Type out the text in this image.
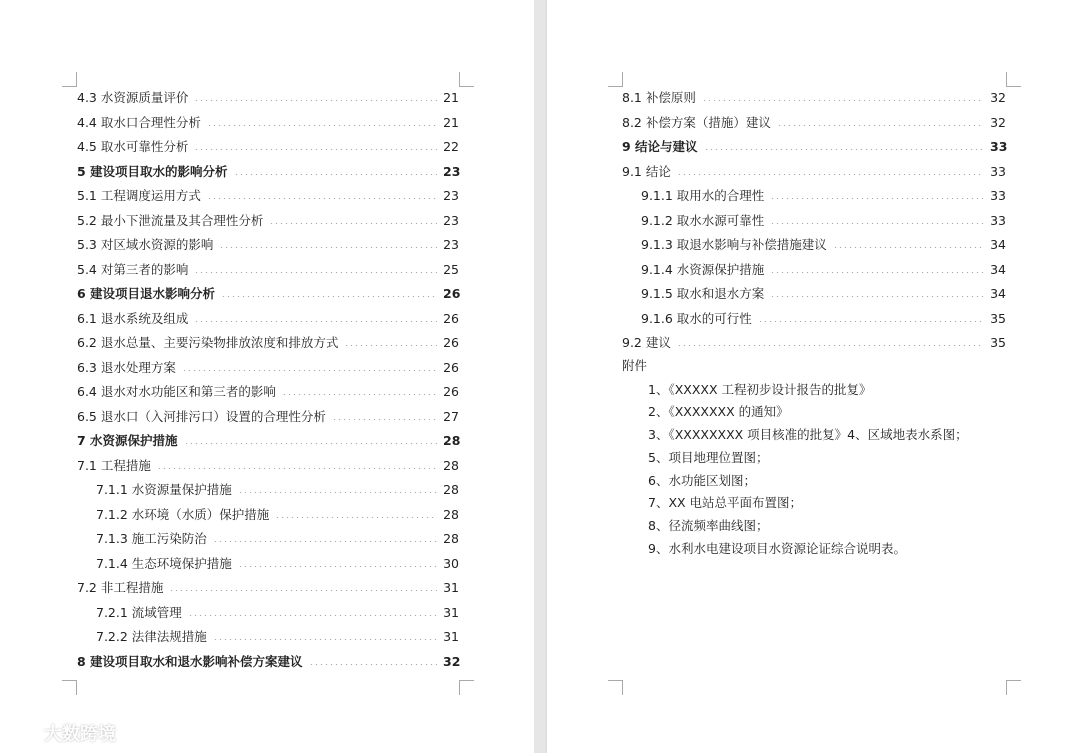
4.3 水资源质量评价	21
4.4 取水口合理性分析	21
4.5 取水可靠性分析	22
5 建设项目取水的影响分析	23
5.1 工程调度运用方式	23
5.2 最小下泄流量及其合理性分析	23
5.3 对区域水资源的影响	23
5.4 对第三者的影响	25
6 建设项目退水影响分析	26
6.1 退水系统及组成	26
6.2 退水总量、主要污染物排放浓度和排放方式	26
6.3 退水处理方案	26
6.4 退水对水功能区和第三者的影响	26
6.5 退水口（入河排污口）设置的合理性分析	27
7 水资源保护措施	28
7.1 工程措施	28
7.1.1 水资源量保护措施	28
7.1.2 水环境（水质）保护措施	28
7.1.3 施工污染防治	28
7.1.4 生态环境保护措施	30
7.2 非工程措施	31
7.2.1 流域管理	31
7.2.2 法律法规措施	31
8 建设项目取水和退水影响补偿方案建议	32
8.1 补偿原则	32
8.2 补偿方案（措施）建议	32
9 结论与建议	33
9.1 结论	33
9.1.1 取用水的合理性	33
9.1.2 取水水源可靠性	33
9.1.3 取退水影响与补偿措施建议	34
9.1.4 水资源保护措施	34
9.1.5 取水和退水方案	34
9.1.6 取水的可行性	35
9.2 建议	35
附件
1、《XXXXX 工程初步设计报告的批复》
2、《XXXXXXX 的通知》
3、《XXXXXXXX 项目核准的批复》4、区域地表水系图；
5、项目地理位置图；
6、水功能区划图；
7、XX 电站总平面布置图；
8、径流频率曲线图；
9、水利水电建设项目水资源论证综合说明表。
大数跨境
